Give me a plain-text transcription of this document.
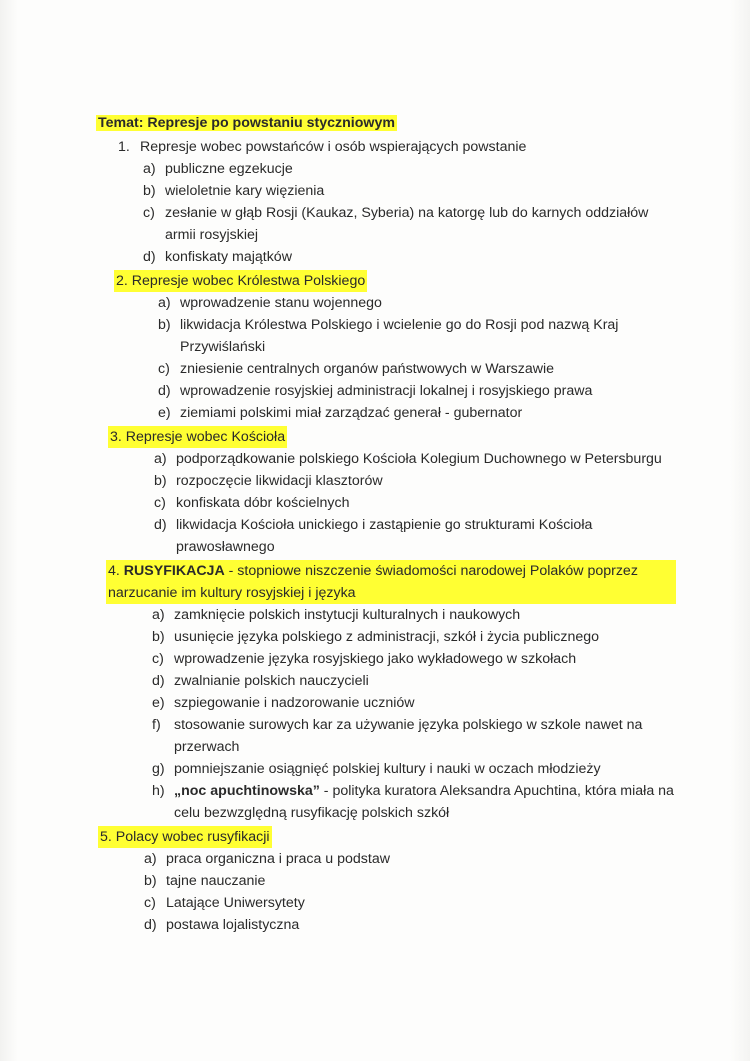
Temat: Represje po powstaniu styczniowym
1. Represje wobec powstańców i osób wspierających powstanie
a) publiczne egzekucje
b) wieloletnie kary więzienia
c) zesłanie w głąb Rosji (Kaukaz, Syberia) na katorgę lub do karnych oddziałów armii rosyjskiej
d) konfiskaty majątków
2. Represje wobec Królestwa Polskiego
a) wprowadzenie stanu wojennego
b) likwidacja Królestwa Polskiego i wcielenie go do Rosji pod nazwą Kraj Przywiślański
c) zniesienie centralnych organów państwowych w Warszawie
d) wprowadzenie rosyjskiej administracji lokalnej i rosyjskiego prawa
e) ziemiami polskimi miał zarządzać generał - gubernator
3. Represje wobec Kościoła
a) podporządkowanie polskiego Kościoła Kolegium Duchownego w Petersburgu
b) rozpoczęcie likwidacji klasztorów
c) konfiskata dóbr kościelnych
d) likwidacja Kościoła unickiego i zastąpienie go strukturami Kościoła prawosławnego
4. RUSYFIKACJA - stopniowe niszczenie świadomości narodowej Polaków poprzez narzucanie im kultury rosyjskiej i języka
a) zamknięcie polskich instytucji kulturalnych i naukowych
b) usunięcie języka polskiego z administracji, szkół i życia publicznego
c) wprowadzenie języka rosyjskiego jako wykładowego w szkołach
d) zwalnianie polskich nauczycieli
e) szpiegowanie i nadzorowanie uczniów
f) stosowanie surowych kar za używanie języka polskiego w szkole nawet na przerwach
g) pomniejszanie osiągnięć polskiej kultury i nauki w oczach młodzieży
h) „noc apuchtinowska” - polityka kuratora Aleksandra Apuchtina, która miała na celu bezwzględną rusyfikację polskich szkół
5. Polacy wobec rusyfikacji
a) praca organiczna i praca u podstaw
b) tajne nauczanie
c) Latające Uniwersytety
d) postawa lojalistyczna
